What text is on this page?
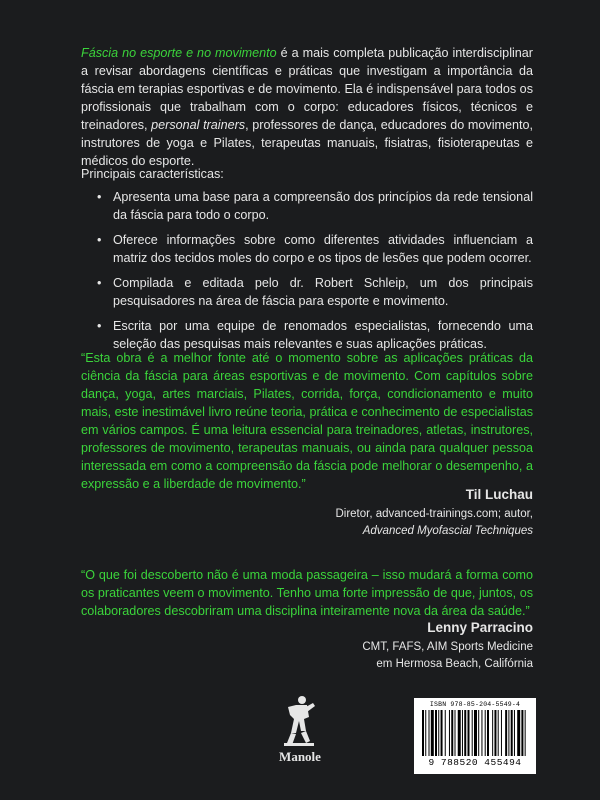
Fáscia no esporte e no movimento é a mais completa publicação interdisciplinar a revisar abordagens científicas e práticas que investigam a importância da fáscia em terapias esportivas e de movimento. Ela é indispensável para todos os profissionais que trabalham com o corpo: educadores físicos, técnicos e treinadores, personal trainers, professores de dança, educadores do movimento, instrutores de yoga e Pilates, terapeutas manuais, fisiatras, fisioterapeutas e médicos do esporte.

Principais características:

• Apresenta uma base para a compreensão dos princípios da rede tensional da fáscia para todo o corpo.
• Oferece informações sobre como diferentes atividades influenciam a matriz dos tecidos moles do corpo e os tipos de lesões que podem ocorrer.
• Compilada e editada pelo dr. Robert Schleip, um dos principais pesquisadores na área de fáscia para esporte e movimento.
• Escrita por uma equipe de renomados especialistas, fornecendo uma seleção das pesquisas mais relevantes e suas aplicações práticas.

“Esta obra é a melhor fonte até o momento sobre as aplicações práticas da ciência da fáscia para áreas esportivas e de movimento. Com capítulos sobre dança, yoga, artes marciais, Pilates, corrida, força, condicionamento e muito mais, este inestimável livro reúne teoria, prática e conhecimento de especialistas em vários campos. É uma leitura essencial para treinadores, atletas, instrutores, professores de movimento, terapeutas manuais, ou ainda para qualquer pessoa interessada em como a compreensão da fáscia pode melhorar o desempenho, a expressão e a liberdade de movimento.”

Til Luchau
Diretor, advanced-trainings.com; autor,
Advanced Myofascial Techniques

“O que foi descoberto não é uma moda passageira – isso mudará a forma como os praticantes veem o movimento. Tenho uma forte impressão de que, juntos, os colaboradores descobriram uma disciplina inteiramente nova da área da saúde.”

Lenny Parracino
CMT, FAFS, AIM Sports Medicine
em Hermosa Beach, Califórnia
Manole
ISBN 978-85-204-5549-4
9 788520 455494
